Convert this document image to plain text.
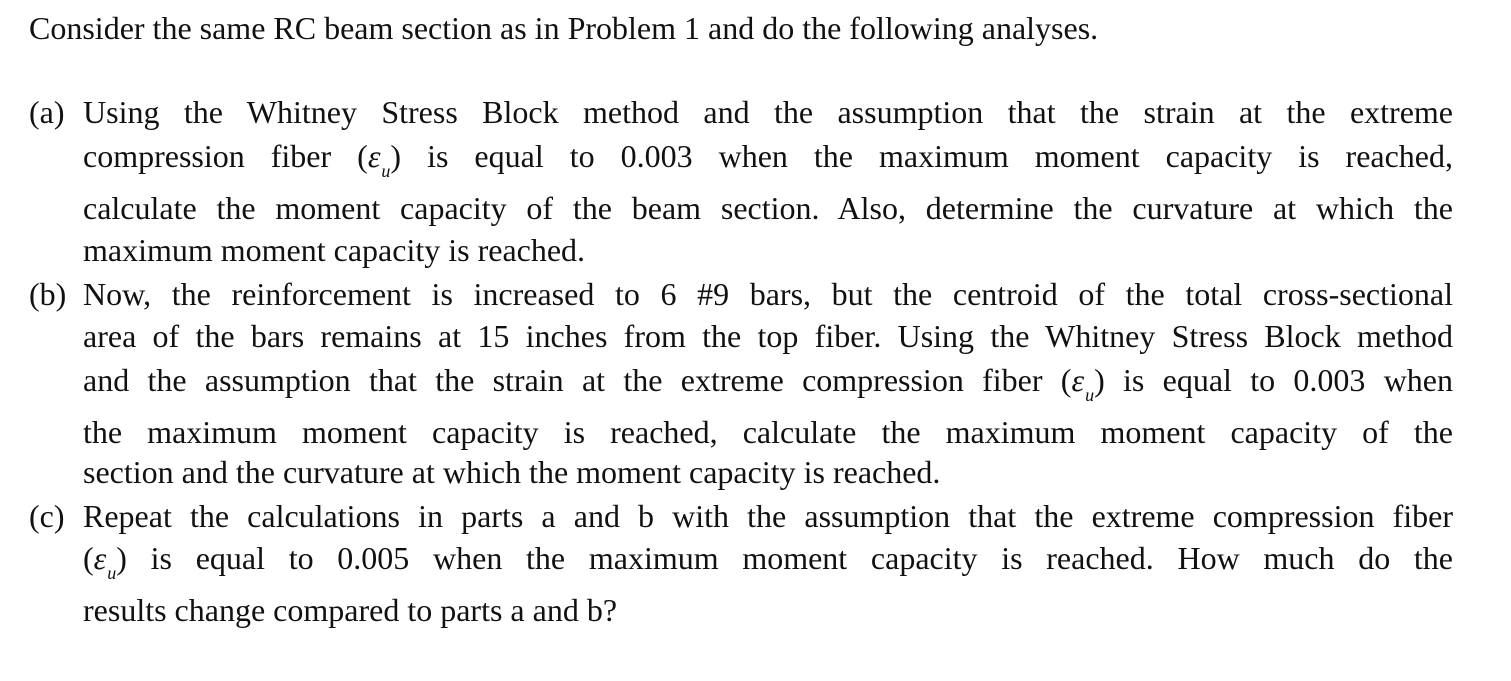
Consider the same RC beam section as in Problem 1 and do the following analyses.
(a) Using the Whitney Stress Block method and the assumption that the strain at the extreme
compression fiber $(\varepsilon_u)$ is equal to 0.003 when the maximum moment capacity is reached,
calculate the moment capacity of the beam section. Also, determine the curvature at which the
maximum moment capacity is reached.
(b) Now, the reinforcement is increased to 6 #9 bars, but the centroid of the total cross-sectional
area of the bars remains at 15 inches from the top fiber. Using the Whitney Stress Block method
and the assumption that the strain at the extreme compression fiber $(\varepsilon_u)$ is equal to 0.003 when
the maximum moment capacity is reached, calculate the maximum moment capacity of the
section and the curvature at which the moment capacity is reached.
(c) Repeat the calculations in parts a and b with the assumption that the extreme compression fiber
$(\varepsilon_u)$ is equal to 0.005 when the maximum moment capacity is reached. How much do the
results change compared to parts a and b?
